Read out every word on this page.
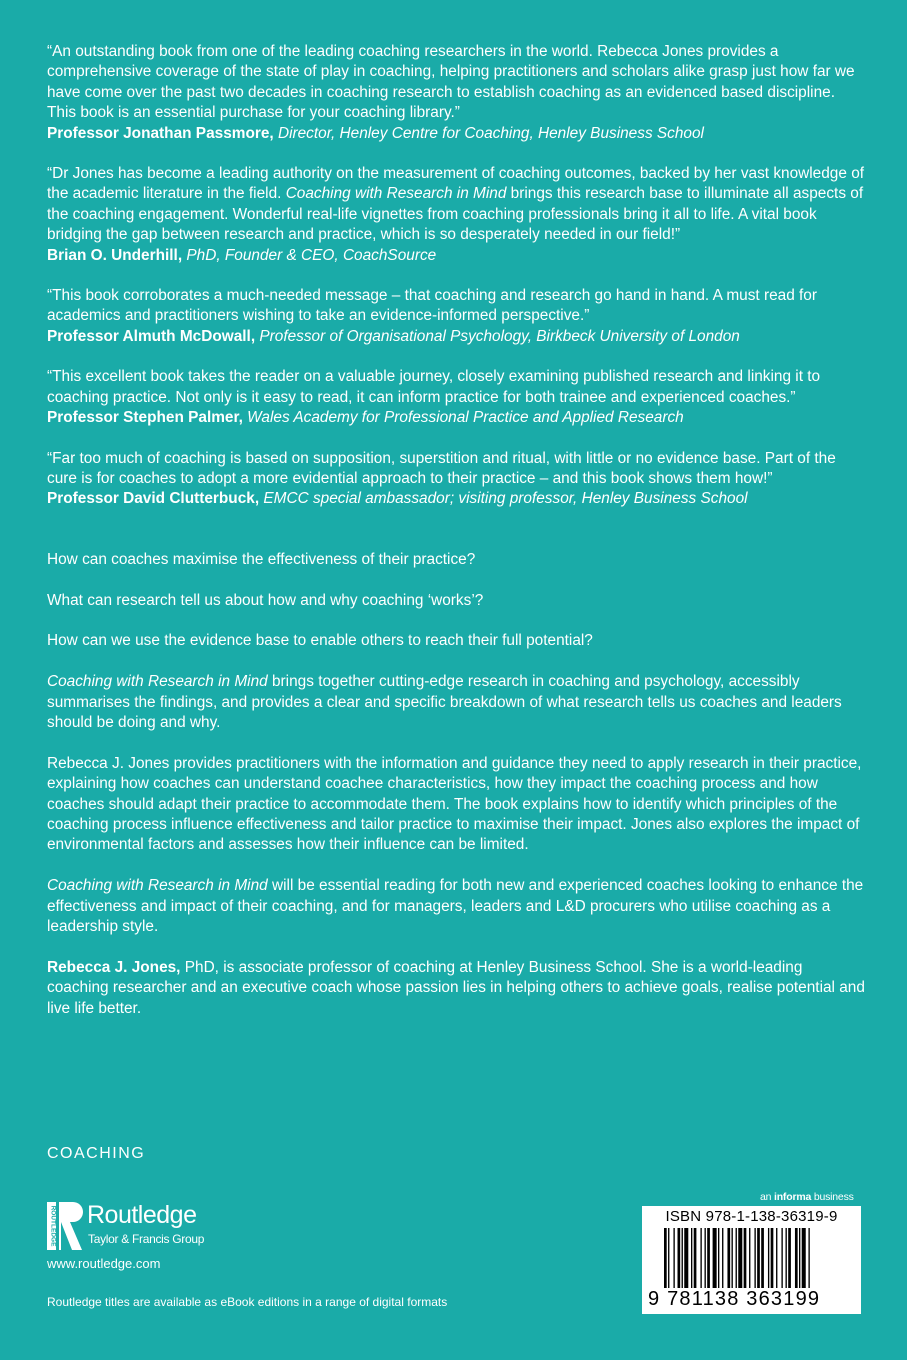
“An outstanding book from one of the leading coaching researchers in the world. Rebecca Jones provides a comprehensive coverage of the state of play in coaching, helping practitioners and scholars alike grasp just how far we have come over the past two decades in coaching research to establish coaching as an evidenced based discipline. This book is an essential purchase for your coaching library.”

Professor Jonathan Passmore, Director, Henley Centre for Coaching, Henley Business School

“Dr Jones has become a leading authority on the measurement of coaching outcomes, backed by her vast knowledge of the academic literature in the field. Coaching with Research in Mind brings this research base to illuminate all aspects of the coaching engagement. Wonderful real-life vignettes from coaching professionals bring it all to life. A vital book bridging the gap between research and practice, which is so desperately needed in our field!”

Brian O. Underhill, PhD, Founder & CEO, CoachSource

“This book corroborates a much-needed message – that coaching and research go hand in hand. A must read for academics and practitioners wishing to take an evidence-informed perspective.”

Professor Almuth McDowall, Professor of Organisational Psychology, Birkbeck University of London

“This excellent book takes the reader on a valuable journey, closely examining published research and linking it to coaching practice. Not only is it easy to read, it can inform practice for both trainee and experienced coaches.”

Professor Stephen Palmer, Wales Academy for Professional Practice and Applied Research

“Far too much of coaching is based on supposition, superstition and ritual, with little or no evidence base. Part of the cure is for coaches to adopt a more evidential approach to their practice – and this book shows them how!”

Professor David Clutterbuck, EMCC special ambassador; visiting professor, Henley Business School

How can coaches maximise the effectiveness of their practice?

What can research tell us about how and why coaching ‘works’?

How can we use the evidence base to enable others to reach their full potential?

Coaching with Research in Mind brings together cutting-edge research in coaching and psychology, accessibly summarises the findings, and provides a clear and specific breakdown of what research tells us coaches and leaders should be doing and why.

Rebecca J. Jones provides practitioners with the information and guidance they need to apply research in their practice, explaining how coaches can understand coachee characteristics, how they impact the coaching process and how coaches should adapt their practice to accommodate them. The book explains how to identify which principles of the coaching process influence effectiveness and tailor practice to maximise their impact. Jones also explores the impact of environmental factors and assesses how their influence can be limited.

Coaching with Research in Mind will be essential reading for both new and experienced coaches looking to enhance the effectiveness and impact of their coaching, and for managers, leaders and L&D procurers who utilise coaching as a leadership style.

Rebecca J. Jones, PhD, is associate professor of coaching at Henley Business School. She is a world-leading coaching researcher and an executive coach whose passion lies in helping others to achieve goals, realise potential and live life better.

COACHING
ROUTLEDGE Routledge
Taylor & Francis Group
www.routledge.com
Routledge titles are available as eBook editions in a range of digital formats
an informa business
ISBN 978-1-138-36319-9
9 781138 363199
